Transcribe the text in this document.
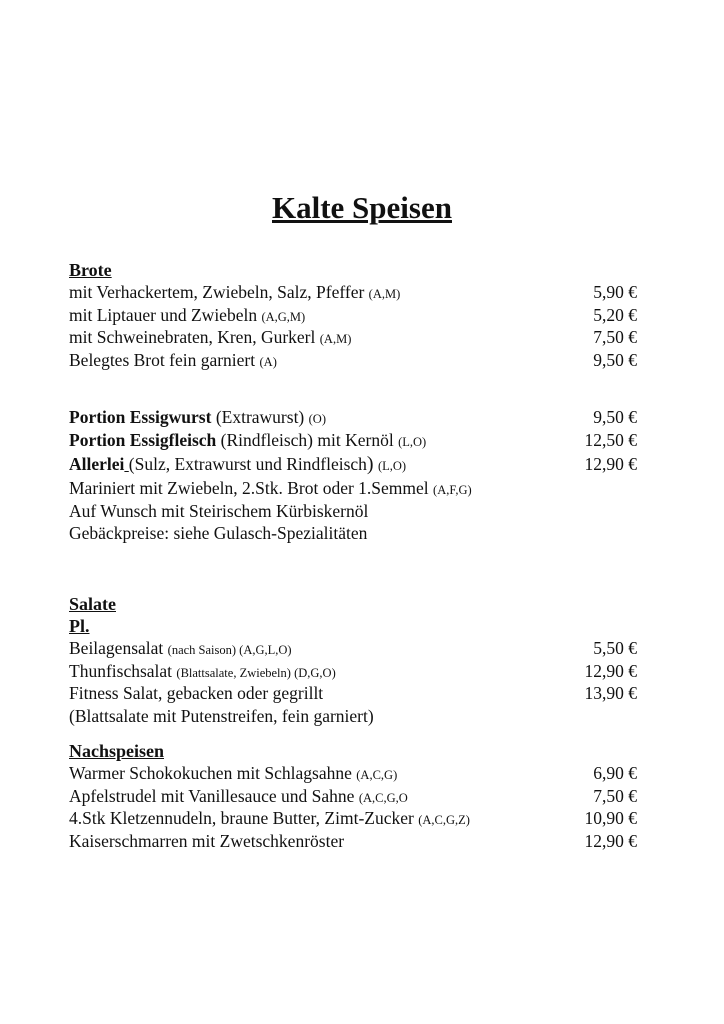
Kalte Speisen
Brote
mit Verhackertem, Zwiebeln, Salz, Pfeffer (A,M)	5,90 €
mit Liptauer und Zwiebeln (A,G,M)	5,20 €
mit Schweinebraten, Kren, Gurkerl (A,M)	7,50 €
Belegtes Brot fein garniert (A)	9,50 €
Portion Essigwurst (Extrawurst) (O)	9,50 €
Portion Essigfleisch (Rindfleisch) mit Kernöl (L,O)	12,50 €
Allerlei (Sulz, Extrawurst und Rindfleisch) (L,O)	12,90 €
Mariniert mit Zwiebeln, 2.Stk. Brot oder 1.Semmel (A,F,G)
Auf Wunsch mit Steirischem Kürbiskernöl
Gebäckpreise: siehe Gulasch-Spezialitäten
Salate
Pl.
Beilagensalat (nach Saison) (A,G,L,O)	5,50 €
Thunfischsalat (Blattsalate, Zwiebeln) (D,G,O)	12,90 €
Fitness Salat, gebacken oder gegrillt	13,90 €
(Blattsalate mit Putenstreifen, fein garniert)
Nachspeisen
Warmer Schokokuchen mit Schlagsahne (A,C,G)	6,90 €
Apfelstrudel mit Vanillesauce und Sahne (A,C,G,O	7,50 €
4.Stk Kletzennudeln, braune Butter, Zimt-Zucker (A,C,G,Z)	10,90 €
Kaiserschmarren mit Zwetschkenröster	12,90 €
